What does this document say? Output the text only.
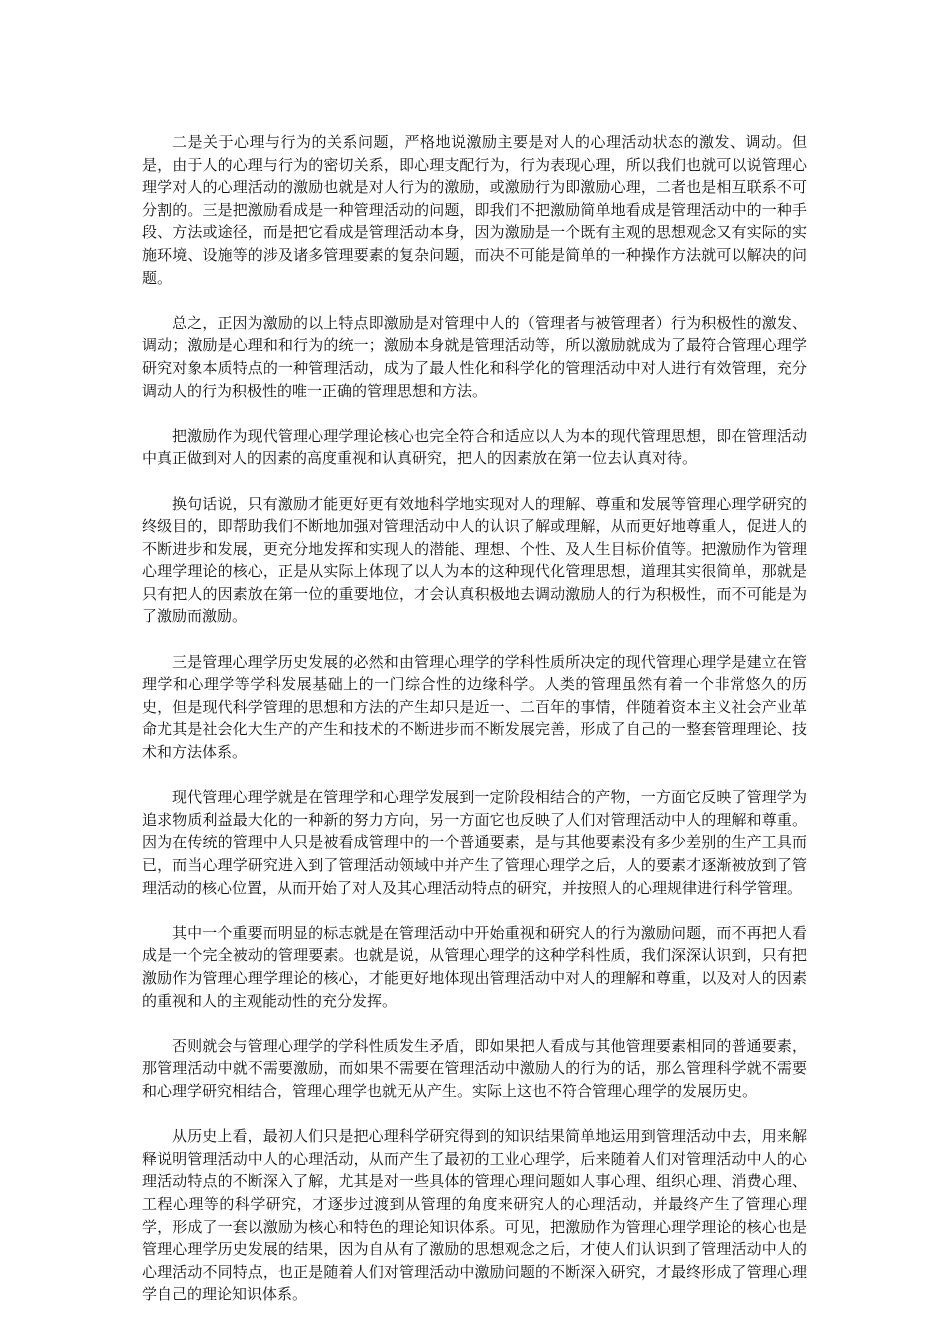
二是关于心理与行为的关系问题，严格地说激励主要是对人的心理活动状态的激发、调动。但是，由于人的心理与行为的密切关系，即心理支配行为，行为表现心理，所以我们也就可以说管理心理学对人的心理活动的激励也就是对人行为的激励，或激励行为即激励心理，二者也是相互联系不可分割的。三是把激励看成是一种管理活动的问题，即我们不把激励简单地看成是管理活动中的一种手段、方法或途径，而是把它看成是管理活动本身，因为激励是一个既有主观的思想观念又有实际的实施环境、设施等的涉及诸多管理要素的复杂问题，而决不可能是简单的一种操作方法就可以解决的问题。

总之，正因为激励的以上特点即激励是对管理中人的（管理者与被管理者）行为积极性的激发、调动；激励是心理和和行为的统一；激励本身就是管理活动等，所以激励就成为了最符合管理心理学研究对象本质特点的一种管理活动，成为了最人性化和科学化的管理活动中对人进行有效管理，充分调动人的行为积极性的唯一正确的管理思想和方法。

把激励作为现代管理心理学理论核心也完全符合和适应以人为本的现代管理思想，即在管理活动中真正做到对人的因素的高度重视和认真研究，把人的因素放在第一位去认真对待。

换句话说，只有激励才能更好更有效地科学地实现对人的理解、尊重和发展等管理心理学研究的终级目的，即帮助我们不断地加强对管理活动中人的认识了解或理解，从而更好地尊重人，促进人的不断进步和发展，更充分地发挥和实现人的潜能、理想、个性、及人生目标价值等。把激励作为管理心理学理论的核心，正是从实际上体现了以人为本的这种现代化管理思想，道理其实很简单，那就是只有把人的因素放在第一位的重要地位，才会认真积极地去调动激励人的行为积极性，而不可能是为了激励而激励。

三是管理心理学历史发展的必然和由管理心理学的学科性质所决定的现代管理心理学是建立在管理学和心理学等学科发展基础上的一门综合性的边缘科学。人类的管理虽然有着一个非常悠久的历史，但是现代科学管理的思想和方法的产生却只是近一、二百年的事情，伴随着资本主义社会产业革命尤其是社会化大生产的产生和技术的不断进步而不断发展完善，形成了自己的一整套管理理论、技术和方法体系。

现代管理心理学就是在管理学和心理学发展到一定阶段相结合的产物，一方面它反映了管理学为追求物质利益最大化的一种新的努力方向，另一方面它也反映了人们对管理活动中人的理解和尊重。因为在传统的管理中人只是被看成管理中的一个普通要素，是与其他要素没有多少差别的生产工具而已，而当心理学研究进入到了管理活动领域中并产生了管理心理学之后，人的要素才逐渐被放到了管理活动的核心位置，从而开始了对人及其心理活动特点的研究，并按照人的心理规律进行科学管理。

其中一个重要而明显的标志就是在管理活动中开始重视和研究人的行为激励问题，而不再把人看成是一个完全被动的管理要素。也就是说，从管理心理学的这种学科性质，我们深深认识到，只有把激励作为管理心理学理论的核心，才能更好地体现出管理活动中对人的理解和尊重，以及对人的因素的重视和人的主观能动性的充分发挥。

否则就会与管理心理学的学科性质发生矛盾，即如果把人看成与其他管理要素相同的普通要素，那管理活动中就不需要激励，而如果不需要在管理活动中激励人的行为的话，那么管理科学就不需要和心理学研究相结合，管理心理学也就无从产生。实际上这也不符合管理心理学的发展历史。

从历史上看，最初人们只是把心理科学研究得到的知识结果简单地运用到管理活动中去，用来解释说明管理活动中人的心理活动，从而产生了最初的工业心理学，后来随着人们对管理活动中人的心 理活动特点的不断深入了解，尤其是对一些具体的管理心理问题如人事心理、组织心理、消费心理、工程心理等的科学研究，才逐步过渡到从管理的角度来研究人的心理活动，并最终产生了管理心理学，形成了一套以激励为核心和特色的理论知识体系。可见，把激励作为管理心理学理论的核心也是管理心理学历史发展的结果，因为自从有了激励的思想观念之后，才使人们认识到了管理活动中人的心理活动不同特点，也正是随着人们对管理活动中激励问题的不断深入研究，才最终形成了管理心理学自己的理论知识体系。
